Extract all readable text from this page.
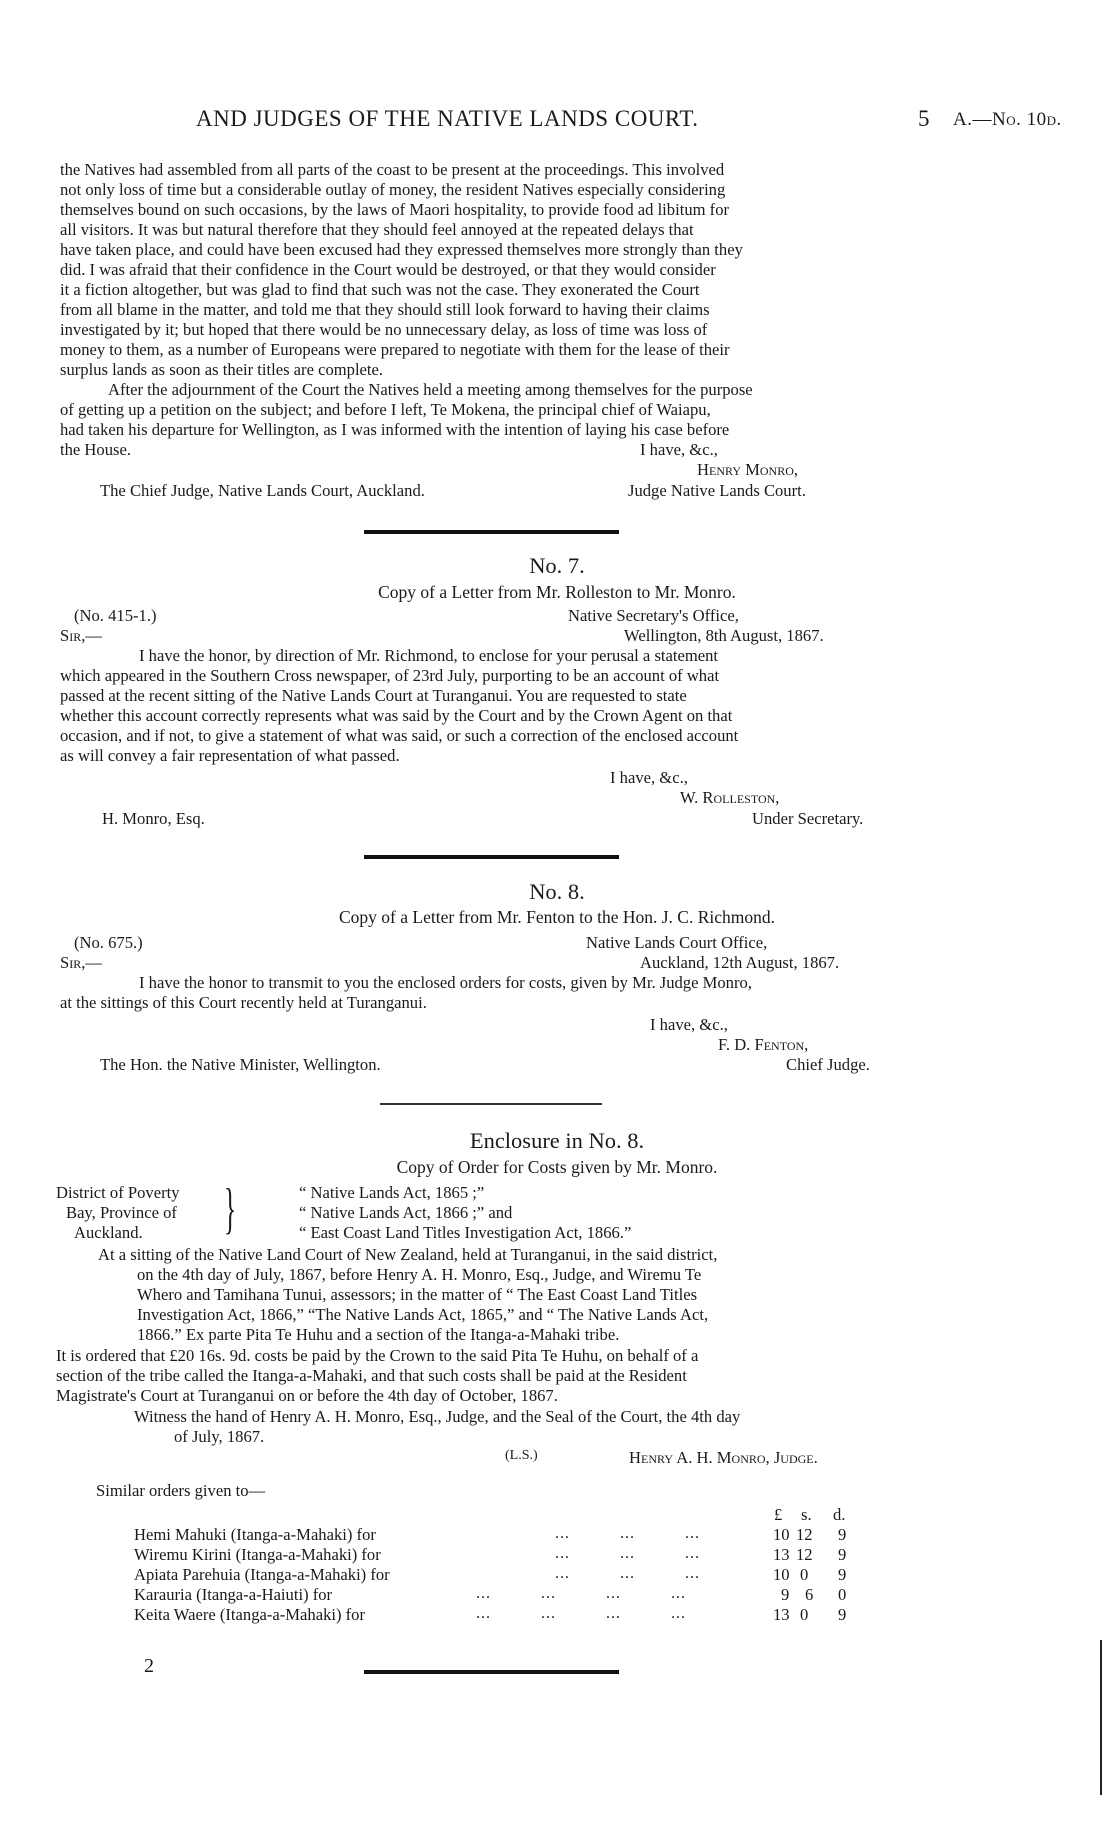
AND JUDGES OF THE NATIVE LANDS COURT.	5 A.—No. 10d.
the Natives had assembled from all parts of the coast to be present at the proceedings. This involved
not only loss of time but a considerable outlay of money, the resident Natives especially considering
themselves bound on such occasions, by the laws of Maori hospitality, to provide food ad libitum for
all visitors. It was but natural therefore that they should feel annoyed at the repeated delays that
have taken place, and could have been excused had they expressed themselves more strongly than they
did. I was afraid that their confidence in the Court would be destroyed, or that they would consider
it a fiction altogether, but was glad to find that such was not the case. They exonerated the Court
from all blame in the matter, and told me that they should still look forward to having their claims
investigated by it; but hoped that there would be no unnecessary delay, as loss of time was loss of
money to them, as a number of Europeans were prepared to negotiate with them for the lease of their
surplus lands as soon as their titles are complete.
After the adjournment of the Court the Natives held a meeting among themselves for the purpose
of getting up a petition on the subject; and before I left, Te Mokena, the principal chief of Waiapu,
had taken his departure for Wellington, as I was informed with the intention of laying his case before
the House.	I have, &c.,
Henry Monro,
The Chief Judge, Native Lands Court, Auckland.	Judge Native Lands Court.
No. 7.
Copy of a Letter from Mr. Rolleston to Mr. Monro.
(No. 415-1.)	Native Secretary's Office,
Sir,—	Wellington, 8th August, 1867.
I have the honor, by direction of Mr. Richmond, to enclose for your perusal a statement
which appeared in the Southern Cross newspaper, of 23rd July, purporting to be an account of what
passed at the recent sitting of the Native Lands Court at Turanganui. You are requested to state
whether this account correctly represents what was said by the Court and by the Crown Agent on that
occasion, and if not, to give a statement of what was said, or such a correction of the enclosed account
as will convey a fair representation of what passed.
I have, &c.,
W. Rolleston,
H. Monro, Esq.	Under Secretary.
No. 8.
Copy of a Letter from Mr. Fenton to the Hon. J. C. Richmond.
(No. 675.)	Native Lands Court Office,
Sir,—	Auckland, 12th August, 1867.
I have the honor to transmit to you the enclosed orders for costs, given by Mr. Judge Monro,
at the sittings of this Court recently held at Turanganui.
I have, &c.,
F. D. Fenton,
The Hon. the Native Minister, Wellington.	Chief Judge.
Enclosure in No. 8.
Copy of Order for Costs given by Mr. Monro.
District of Poverty
Bay, Province of
Auckland. }	“ Native Lands Act, 1865 ;”
“ Native Lands Act, 1866 ;” and
“ East Coast Land Titles Investigation Act, 1866.”
At a sitting of the Native Land Court of New Zealand, held at Turanganui, in the said district,
on the 4th day of July, 1867, before Henry A. H. Monro, Esq., Judge, and Wiremu Te
Whero and Tamihana Tunui, assessors; in the matter of “ The East Coast Land Titles
Investigation Act, 1866,” “The Native Lands Act, 1865,” and “ The Native Lands Act,
1866.” Ex parte Pita Te Huhu and a section of the Itanga-a-Mahaki tribe.
It is ordered that £20 16s. 9d. costs be paid by the Crown to the said Pita Te Huhu, on behalf of a
section of the tribe called the Itanga-a-Mahaki, and that such costs shall be paid at the Resident
Magistrate's Court at Turanganui on or before the 4th day of October, 1867.
Witness the hand of Henry A. H. Monro, Esq., Judge, and the Seal of the Court, the 4th day
of July, 1867.
(L.S.)	Henry A. H. Monro, Judge.
Similar orders given to—
£ s. d.
Hemi Mahuki (Itanga-a-Mahaki) for	...          ...          ...	10 12 9
Wiremu Kirini (Itanga-a-Mahaki) for	...          ...          ...	13 12 9
Apiata Parehuia (Itanga-a-Mahaki) for	...          ...          ...	10 0 9
Karauria (Itanga-a-Haiuti) for	...          ...          ...          ...	9 6 0
Keita Waere (Itanga-a-Mahaki) for	...          ...          ...          ...	13 0 9
2
